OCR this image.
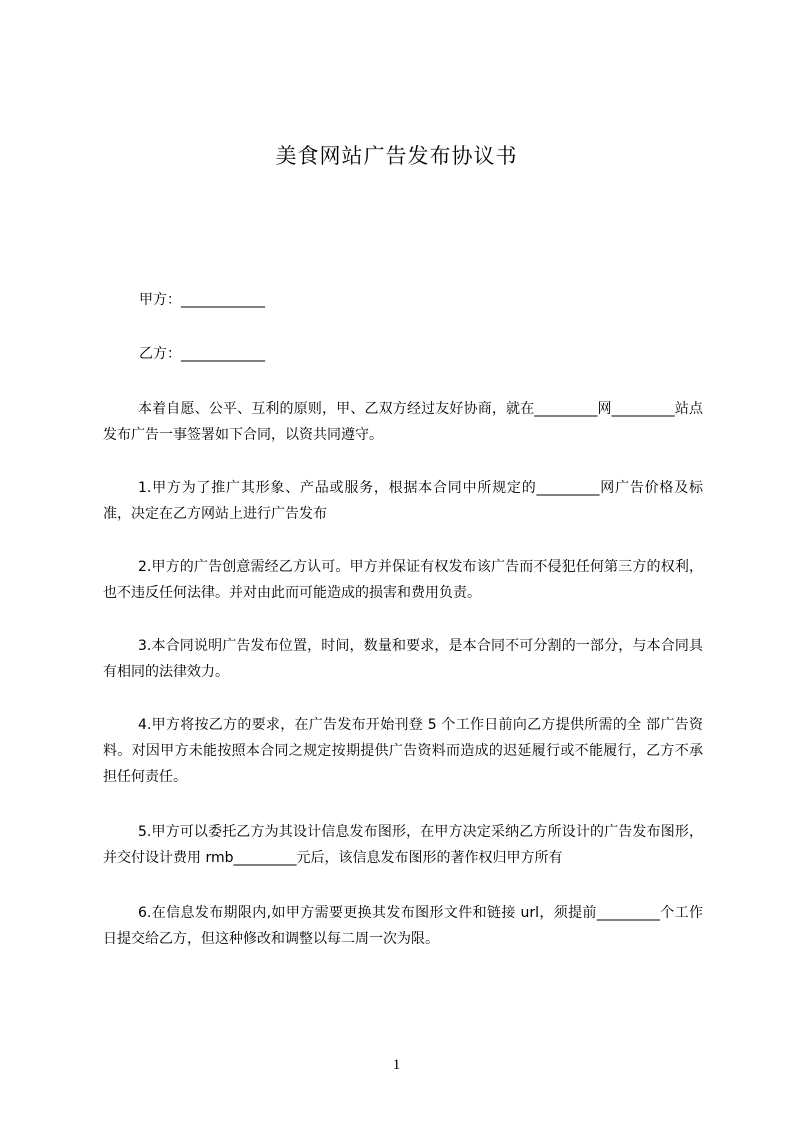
美食网站广告发布协议书
甲方：____________
乙方：____________
本着自愿、公平、互利的原则，甲、乙双方经过友好协商，就在_________网_________站点发布广告一事签署如下合同，以资共同遵守。
1.甲方为了推广其形象、产品或服务，根据本合同中所规定的_________网广告价格及标准，决定在乙方网站上进行广告发布
2.甲方的广告创意需经乙方认可。甲方并保证有权发布该广告而不侵犯任何第三方的权利，也不违反任何法律。并对由此而可能造成的损害和费用负责。
3.本合同说明广告发布位置，时间，数量和要求，是本合同不可分割的一部分，与本合同具有相同的法律效力。
4.甲方将按乙方的要求，在广告发布开始刊登 5 个工作日前向乙方提供所需的全 部广告资料。对因甲方未能按照本合同之规定按期提供广告资料而造成的迟延履行或不能履行，乙方不承担任何责任。
5.甲方可以委托乙方为其设计信息发布图形，在甲方决定采纳乙方所设计的广告发布图形，并交付设计费用 rmb_________元后，该信息发布图形的著作权归甲方所有
6.在信息发布期限内,如甲方需要更换其发布图形文件和链接 url，须提前_________个工作日提交给乙方，但这种修改和调整以每二周一次为限。
1
